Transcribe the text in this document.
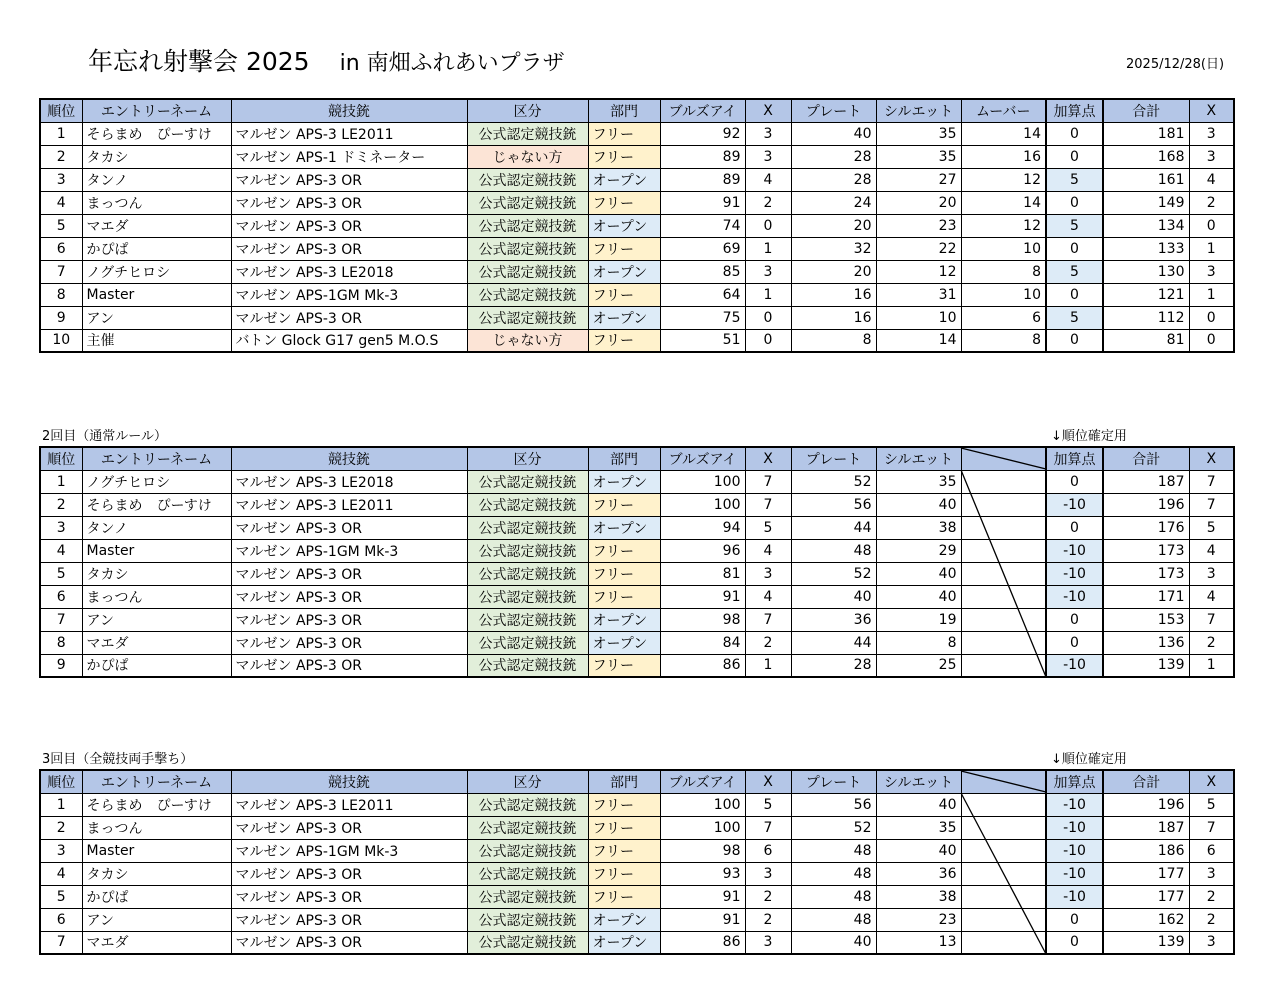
年忘れ射撃会 2025 in 南畑ふれあいプラザ	2025/12/28(日)
順位	エントリーネーム	競技銃	区分	部門	ブルズアイ	X	プレート	シルエット	ムーバー	加算点	合計	X
1	そらまめ　ぴーすけ	マルゼン APS-3 LE2011	公式認定競技銃	フリー	92	3	40	35	14	0	181	3
2	タカシ	マルゼン APS-1 ドミネーター	じゃない方	フリー	89	3	28	35	16	0	168	3
3	タンノ	マルゼン APS-3 OR	公式認定競技銃	オープン	89	4	28	27	12	5	161	4
4	まっつん	マルゼン APS-3 OR	公式認定競技銃	フリー	91	2	24	20	14	0	149	2
5	マエダ	マルゼン APS-3 OR	公式認定競技銃	オープン	74	0	20	23	12	5	134	0
6	かぴぱ	マルゼン APS-3 OR	公式認定競技銃	フリー	69	1	32	22	10	0	133	1
7	ノグチヒロシ	マルゼン APS-3 LE2018	公式認定競技銃	オープン	85	3	20	12	8	5	130	3
8	Master	マルゼン APS-1GM Mk-3	公式認定競技銃	フリー	64	1	16	31	10	0	121	1
9	アン	マルゼン APS-3 OR	公式認定競技銃	オープン	75	0	16	10	6	5	112	0
10	主催	バトン Glock G17 gen5 M.O.S	じゃない方	フリー	51	0	8	14	8	0	81	0
2回目（通常ルール）	↓順位確定用
順位	エントリーネーム	競技銃	区分	部門	ブルズアイ	X	プレート	シルエット		加算点	合計	X
1	ノグチヒロシ	マルゼン APS-3 LE2018	公式認定競技銃	オープン	100	7	52	35		0	187	7
2	そらまめ　ぴーすけ	マルゼン APS-3 LE2011	公式認定競技銃	フリー	100	7	56	40		-10	196	7
3	タンノ	マルゼン APS-3 OR	公式認定競技銃	オープン	94	5	44	38		0	176	5
4	Master	マルゼン APS-1GM Mk-3	公式認定競技銃	フリー	96	4	48	29		-10	173	4
5	タカシ	マルゼン APS-3 OR	公式認定競技銃	フリー	81	3	52	40		-10	173	3
6	まっつん	マルゼン APS-3 OR	公式認定競技銃	フリー	91	4	40	40		-10	171	4
7	アン	マルゼン APS-3 OR	公式認定競技銃	オープン	98	7	36	19		0	153	7
8	マエダ	マルゼン APS-3 OR	公式認定競技銃	オープン	84	2	44	8		0	136	2
9	かぴぱ	マルゼン APS-3 OR	公式認定競技銃	フリー	86	1	28	25		-10	139	1
3回目（全競技両手撃ち）	↓順位確定用
順位	エントリーネーム	競技銃	区分	部門	ブルズアイ	X	プレート	シルエット		加算点	合計	X
1	そらまめ　ぴーすけ	マルゼン APS-3 LE2011	公式認定競技銃	フリー	100	5	56	40		-10	196	5
2	まっつん	マルゼン APS-3 OR	公式認定競技銃	フリー	100	7	52	35		-10	187	7
3	Master	マルゼン APS-1GM Mk-3	公式認定競技銃	フリー	98	6	48	40		-10	186	6
4	タカシ	マルゼン APS-3 OR	公式認定競技銃	フリー	93	3	48	36		-10	177	3
5	かぴぱ	マルゼン APS-3 OR	公式認定競技銃	フリー	91	2	48	38		-10	177	2
6	アン	マルゼン APS-3 OR	公式認定競技銃	オープン	91	2	48	23		0	162	2
7	マエダ	マルゼン APS-3 OR	公式認定競技銃	オープン	86	3	40	13		0	139	3
